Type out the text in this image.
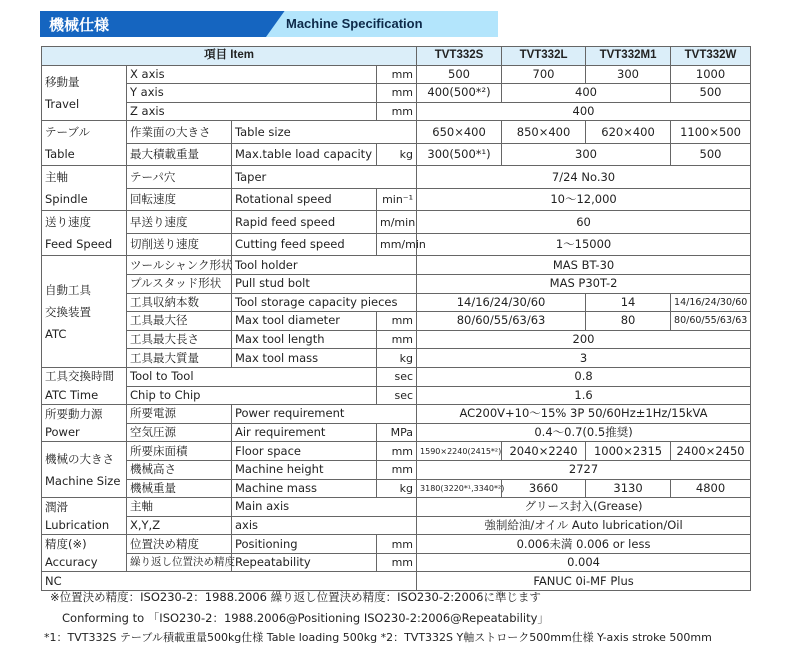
機械仕様	Machine Specification
項目 Item				TVT332S	TVT332L	TVT332M1	TVT332W

移動量
Travel	X axis		mm	500	700	300	1000
	Y axis		mm	400(500*²)	400		500
	Z axis		mm	400			

テーブル
Table	作業面の大きさ	Table size		650×400	850×400	620×400	1100×500
	最大積載重量	Max.table load capacity	kg	300(500*¹)	300		500

主軸
Spindle	テーパ穴	Taper		7/24 No.30			
	回転速度	Rotational speed	min⁻¹	10〜12,000			

送り速度
Feed Speed	早送り速度	Rapid feed speed	m/min	60			
	切削送り速度	Cutting feed speed	mm/min	1〜15000			

自動工具
交換装置
ATC	ツールシャンク形状	Tool holder		MAS BT-30			
	プルスタッド形状	Pull stud bolt		MAS P30T-2			
	工具収納本数	Tool storage capacity pieces		14/16/24/30/60		14	14/16/24/30/60
	工具最大径	Max tool diameter	mm	80/60/55/63/63		80	80/60/55/63/63
	工具最大長さ	Max tool length	mm	200			
	工具最大質量	Max tool mass	kg	3			
工具交換時間	Tool to Tool		sec	0.8			
ATC Time	Chip to Chip		sec	1.6			
所要動力源	所要電源	Power requirement		AC200V+10〜15% 3P 50/60Hz±1Hz/15kVA			
Power	空気圧源	Air requirement	MPa	0.4〜0.7(0.5推奨)			

機械の大きさ
Machine Size	所要床面積	Floor space	mm	1590×2240(2415*²)	2040×2240	1000×2315	2400×2450
	機械高さ	Machine height	mm	2727			
	機械重量	Machine mass	kg	3180(3220*¹,3340*²)	3660	3130	4800
潤滑	主軸	Main axis		グリース封入(Grease)			
Lubrication	X,Y,Z	axis		強制給油/オイル Auto lubrication/Oil			
精度(※)	位置決め精度	Positioning	mm	0.006未満 0.006 or less			
Accuracy	繰り返し位置決め精度	Repeatability	mm	0.004			
NC				FANUC 0i-MF Plus			
※位置決め精度：ISO230-2：1988.2006 繰り返し位置決め精度：ISO230-2:2006に準じます
Conforming to 「ISO230-2：1988.2006@Positioning ISO230-2:2006@Repeatability」
*1：TVT332S テーブル積載重量500kg仕様 Table loading 500kg *2：TVT332S Y軸ストローク500mm仕様 Y-axis stroke 500mm
